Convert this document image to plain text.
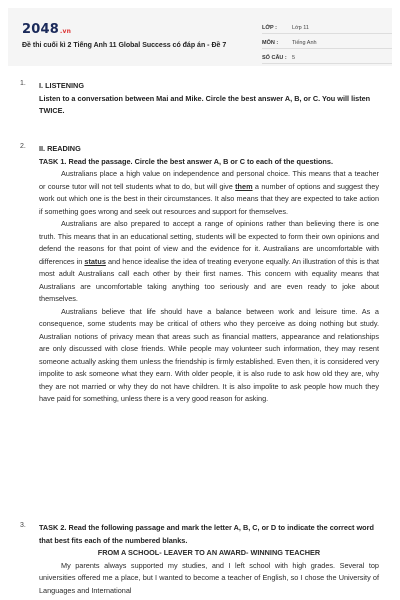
2048.vn
Đề thi cuối kì 2 Tiếng Anh 11 Global Success có đáp án - Đề 7
LỚP :	Lớp 11
MÔN :	Tiếng Anh
SỐ CÂU : 5
1. I. LISTENING
Listen to a conversation between Mai and Mike. Circle the best answer A, B, or C. You will listen TWICE.
2. II. READING
TASK 1. Read the passage. Circle the best answer A, B or C to each of the questions.
Australians place a high value on independence and personal choice. This means that a teacher or course tutor will not tell students what to do, but will give them a number of options and suggest they work out which one is the best in their circumstances. It also means that they are expected to take action if something goes wrong and seek out resources and support for themselves.
Australians are also prepared to accept a range of opinions rather than believing there is one truth. This means that in an educational setting, students will be expected to form their own opinions and defend the reasons for that point of view and the evidence for it. Australians are uncomfortable with differences in status and hence idealise the idea of treating everyone equally. An illustration of this is that most adult Australians call each other by their first names. This concern with equality means that Australians are uncomfortable taking anything too seriously and are even ready to joke about themselves.
Australians believe that life should have a balance between work and leisure time. As a consequence, some students may be critical of others who they perceive as doing nothing but study. Australian notions of privacy mean that areas such as financial matters, appearance and relationships are only discussed with close friends. While people may volunteer such information, they may resent someone actually asking them unless the friendship is firmly established. Even then, it is considered very impolite to ask someone what they earn. With older people, it is also rude to ask how old they are, why they are not married or why they do not have children. It is also impolite to ask people how much they have paid for something, unless there is a very good reason for asking.
3. TASK 2. Read the following passage and mark the letter A, B, C, or D to indicate the correct word that best fits each of the numbered blanks.
FROM A SCHOOL- LEAVER TO AN AWARD- WINNING TEACHER
My parents always supported my studies, and I left school with high grades. Several top universities offered me a place, but I wanted to become a teacher of English, so I chose the University of Languages and International
